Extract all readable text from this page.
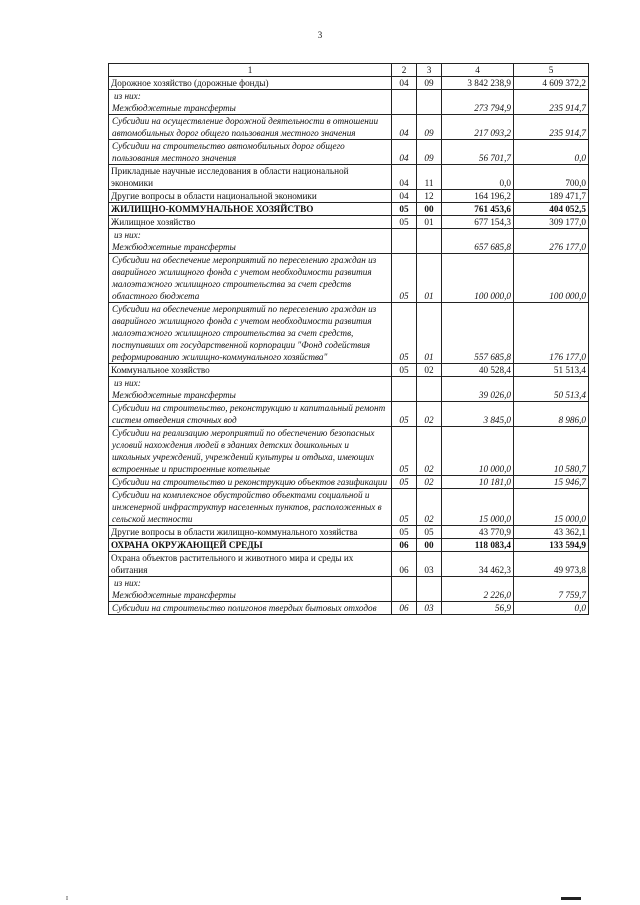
3
1	2	3	4	5
Дорожное хозяйство (дорожные фонды)	04	09	3 842 238,9	4 609 372,2

из них:
Межбюджетные трансферты			273 794,9	235 914,7
Субсидии на осуществление дорожной деятельности в отношении автомобильных дорог общего пользования местного значения	04	09	217 093,2	235 914,7
Субсидии на строительство автомобильных дорог общего пользования местного значения	04	09	56 701,7	0,0
Прикладные научные исследования в области национальной экономики	04	11	0,0	700,0
Другие вопросы в области национальной экономики	04	12	164 196,2	189 471,7
ЖИЛИЩНО-КОММУНАЛЬНОЕ ХОЗЯЙСТВО	05	00	761 453,6	404 052,5
Жилищное хозяйство	05	01	677 154,3	309 177,0

из них:
Межбюджетные трансферты			657 685,8	276 177,0
Субсидии на обеспечение мероприятий по переселению граждан из аварийного жилищного фонда с учетом необходимости развития малоэтажного жилищного строительства за счет средств областного бюджета	05	01	100 000,0	100 000,0
Субсидии на обеспечение мероприятий по переселению граждан из аварийного жилищного фонда с учетом необходимости развития малоэтажного жилищного строительства за счет средств, поступивших от государственной корпорации "Фонд содействия реформированию жилищно-коммунального хозяйства"	05	01	557 685,8	176 177,0
Коммунальное хозяйство	05	02	40 528,4	51 513,4

из них:
Межбюджетные трансферты			39 026,0	50 513,4
Субсидии на строительство, реконструкцию и капитальный ремонт систем отведения сточных вод	05	02	3 845,0	8 986,0
Субсидии на реализацию мероприятий по обеспечению безопасных условий нахождения людей в зданиях детских дошкольных и школьных учреждений, учреждений культуры и отдыха, имеющих встроенные и пристроенные котельные	05	02	10 000,0	10 580,7
Субсидии на строительство и реконструкцию объектов газификации	05	02	10 181,0	15 946,7
Субсидии на комплексное обустройство объектами социальной и инженерной инфраструктур населенных пунктов, расположенных в сельской местности	05	02	15 000,0	15 000,0
Другие вопросы в области жилищно-коммунального хозяйства	05	05	43 770,9	43 362,1
ОХРАНА ОКРУЖАЮЩЕЙ СРЕДЫ	06	00	118 083,4	133 594,9
Охрана объектов растительного и животного мира и среды их обитания	06	03	34 462,3	49 973,8

из них:
Межбюджетные трансферты			2 226,0	7 759,7
Субсидии на строительство полигонов твердых бытовых отходов	06	03	56,9	0,0
I
